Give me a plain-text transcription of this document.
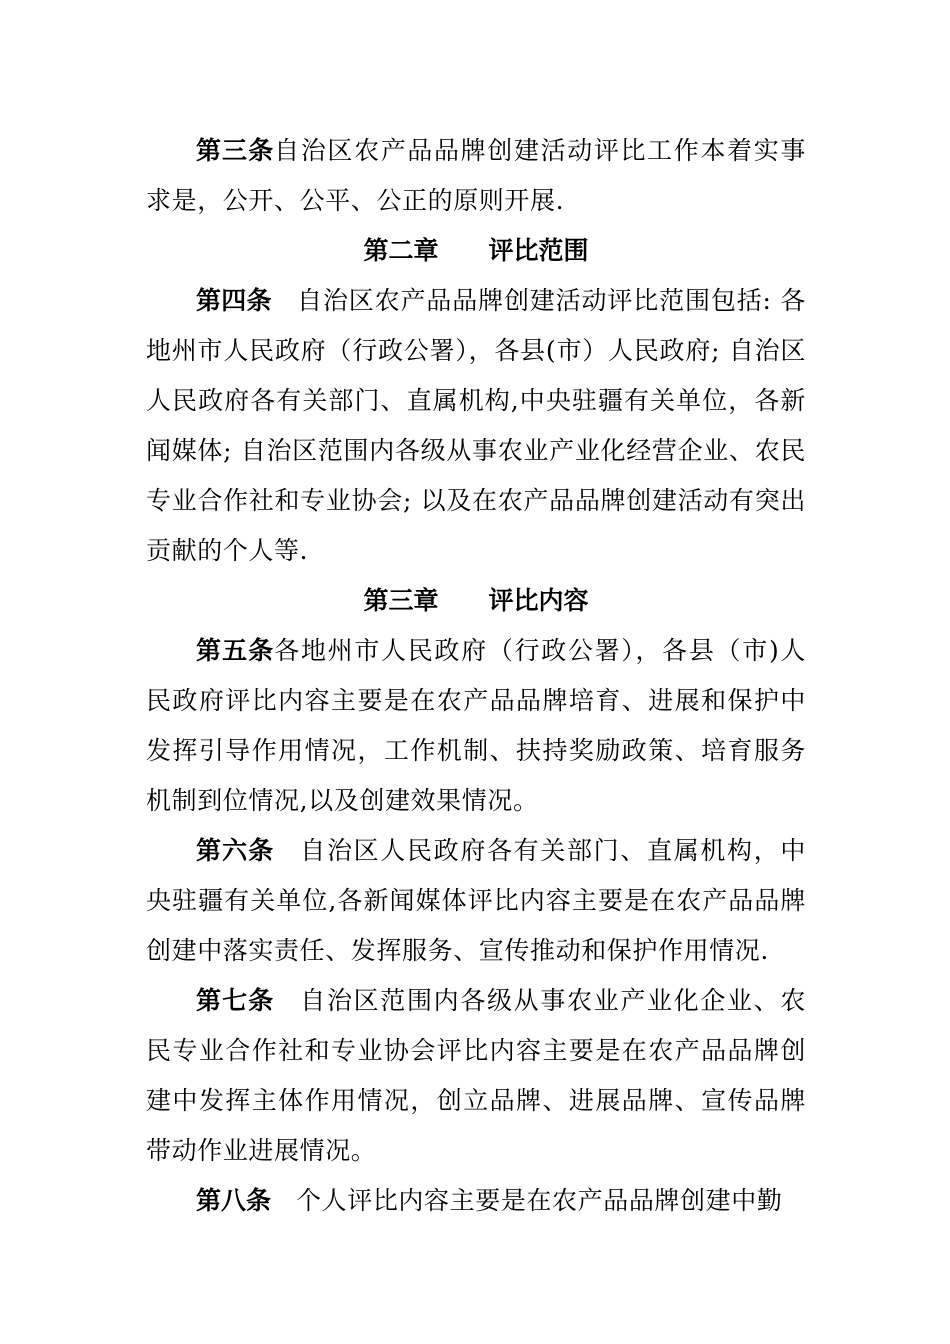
第三条自治区农产品品牌创建活动评比工作本着实事求是，公开、公平、公正的原则开展.

第二章 评比范围

第四条 自治区农产品品牌创建活动评比范围包括: 各地州市人民政府（行政公署），各县(市）人民政府; 自治区人民政府各有关部门、直属机构,中央驻疆有关单位，各新闻媒体; 自治区范围内各级从事农业产业化经营企业、农民专业合作社和专业协会; 以及在农产品品牌创建活动有突出贡献的个人等.

第三章 评比内容

第五条各地州市人民政府（行政公署），各县（市)人民政府评比内容主要是在农产品品牌培育、进展和保护中发挥引导作用情况，工作机制、扶持奖励政策、培育服务机制到位情况,以及创建效果情况。

第六条 自治区人民政府各有关部门、直属机构，中央驻疆有关单位,各新闻媒体评比内容主要是在农产品品牌创建中落实责任、发挥服务、宣传推动和保护作用情况.

第七条 自治区范围内各级从事农业产业化企业、农民专业合作社和专业协会评比内容主要是在农产品品牌创建中发挥主体作用情况，创立品牌、进展品牌、宣传品牌带动作业进展情况。

第八条 个人评比内容主要是在农产品品牌创建中勤
